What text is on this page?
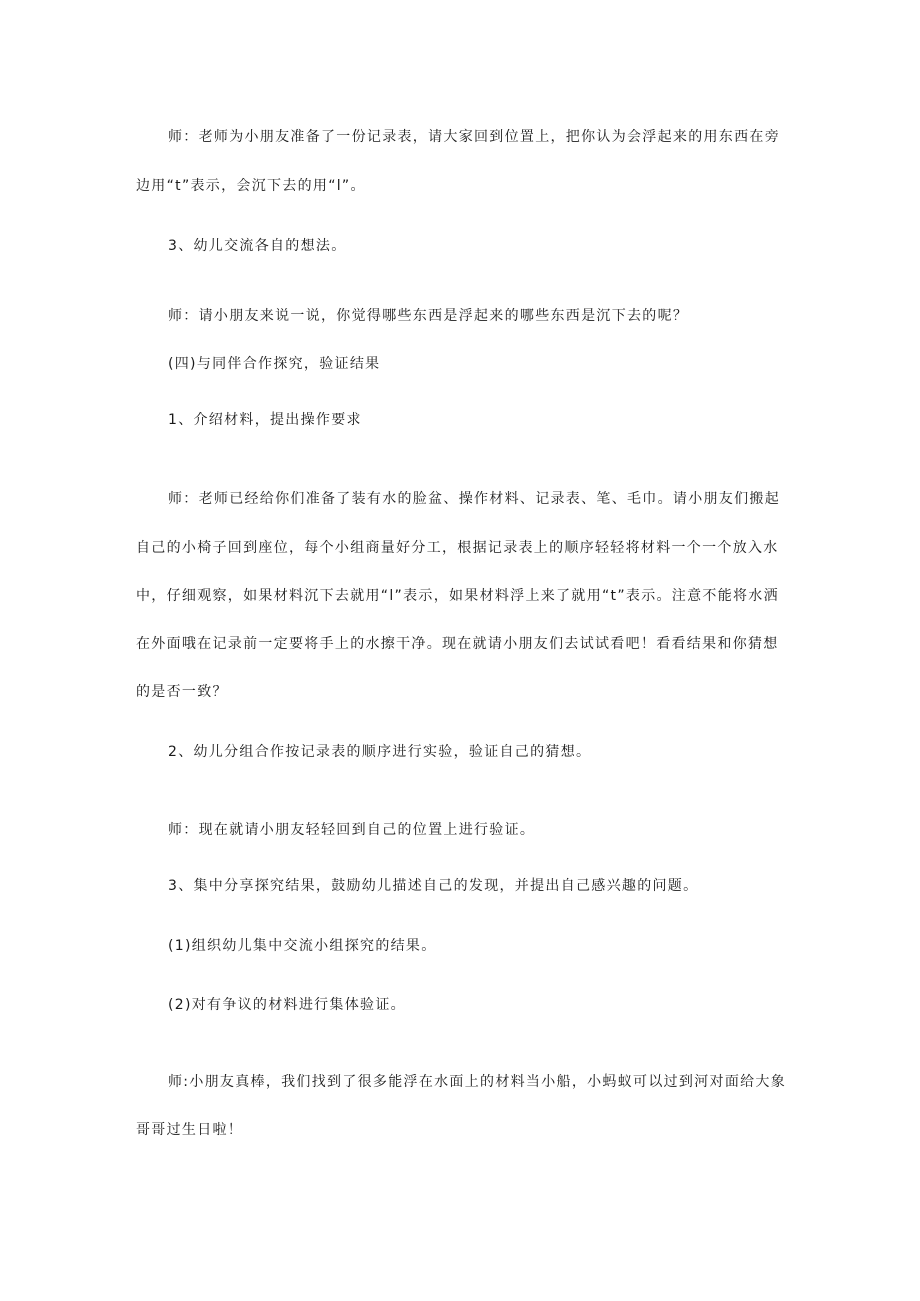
师：老师为小朋友准备了一份记录表，请大家回到位置上，把你认为会浮起来的用东西在旁
边用“t”表示，会沉下去的用“l”。
3、幼儿交流各自的想法。
师：请小朋友来说一说，你觉得哪些东西是浮起来的哪些东西是沉下去的呢？
(四)与同伴合作探究，验证结果
1、介绍材料，提出操作要求
师：老师已经给你们准备了装有水的脸盆、操作材料、记录表、笔、毛巾。请小朋友们搬起
自己的小椅子回到座位，每个小组商量好分工，根据记录表上的顺序轻轻将材料一个一个放入水
中，仔细观察，如果材料沉下去就用“l”表示，如果材料浮上来了就用“t”表示。注意不能将水洒
在外面哦在记录前一定要将手上的水擦干净。现在就请小朋友们去试试看吧！看看结果和你猜想
的是否一致？
2、幼儿分组合作按记录表的顺序进行实验，验证自己的猜想。
师：现在就请小朋友轻轻回到自己的位置上进行验证。
3、集中分享探究结果，鼓励幼儿描述自己的发现，并提出自己感兴趣的问题。
(1)组织幼儿集中交流小组探究的结果。
(2)对有争议的材料进行集体验证。
师:小朋友真棒，我们找到了很多能浮在水面上的材料当小船，小蚂蚁可以过到河对面给大象
哥哥过生日啦！
